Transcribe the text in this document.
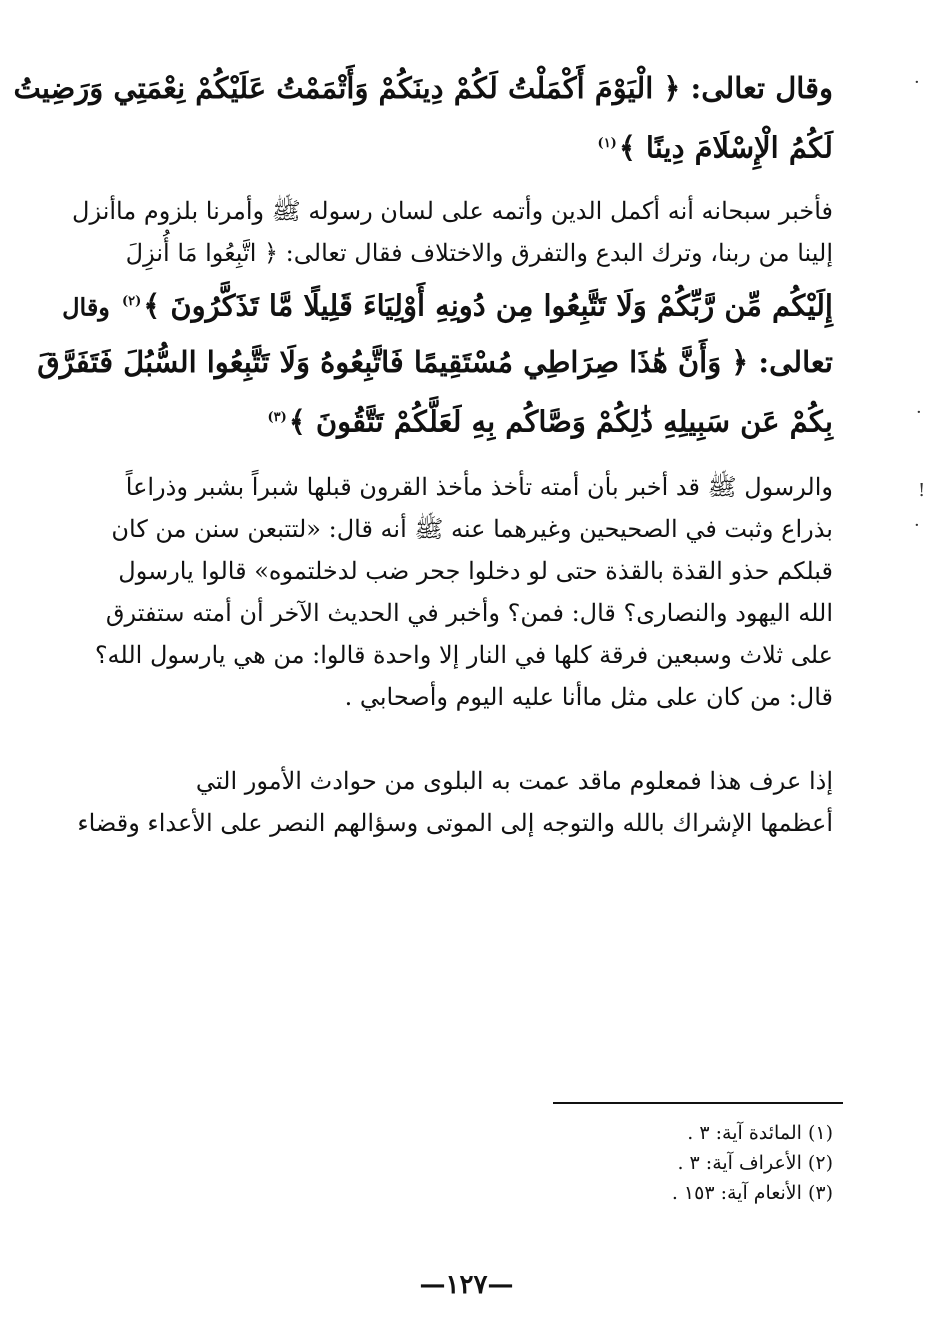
وقال تعالى: ﴿ الْيَوْمَ أَكْمَلْتُ لَكُمْ دِينَكُمْ وَأَتْمَمْتُ عَلَيْكُمْ نِعْمَتِي وَرَضِيتُ
لَكُمُ الْإِسْلَامَ دِينًا ﴾$^{(١)}$
فأخبر سبحانه أنه أكمل الدين وأتمه على لسان رسوله ﷺ وأمرنا بلزوم ماأنزل
إلينا من ربنا، وترك البدع والتفرق والاختلاف فقال تعالى: ﴿ اتَّبِعُوا مَا أُنزِلَ
إِلَيْكُم مِّن رَّبِّكُمْ وَلَا تَتَّبِعُوا مِن دُونِهِ أَوْلِيَاءَ قَلِيلًا مَّا تَذَكَّرُونَ ﴾$^{(٢)}$ وقال
تعالى: ﴿ وَأَنَّ هَٰذَا صِرَاطِي مُسْتَقِيمًا فَاتَّبِعُوهُ وَلَا تَتَّبِعُوا السُّبُلَ فَتَفَرَّقَ
بِكُمْ عَن سَبِيلِهِ ذَٰلِكُمْ وَصَّاكُم بِهِ لَعَلَّكُمْ تَتَّقُونَ ﴾$^{(٣)}$
والرسول ﷺ قد أخبر بأن أمته تأخذ مأخذ القرون قبلها شبراً بشبر وذراعاً
بذراع وثبت في الصحيحين وغيرهما عنه ﷺ أنه قال: «لتتبعن سنن من كان
قبلكم حذو القذة بالقذة حتى لو دخلوا جحر ضب لدخلتموه» قالوا يارسول
الله اليهود والنصارى؟ قال: فمن؟ وأخبر في الحديث الآخر أن أمته ستفترق
على ثلاث وسبعين فرقة كلها في النار إلا واحدة قالوا: من هي يارسول الله؟
قال: من كان على مثل ماأنا عليه اليوم وأصحابي .
إذا عرف هذا فمعلوم ماقد عمت به البلوى من حوادث الأمور التي
أعظمها الإشراك بالله والتوجه إلى الموتى وسؤالهم النصر على الأعداء وقضاء
(١) المائدة آية: ٣ .
(٢) الأعراف آية: ٣ .
(٣) الأنعام آية: ١٥٣ .
—١٢٧—
·
·
!
·
